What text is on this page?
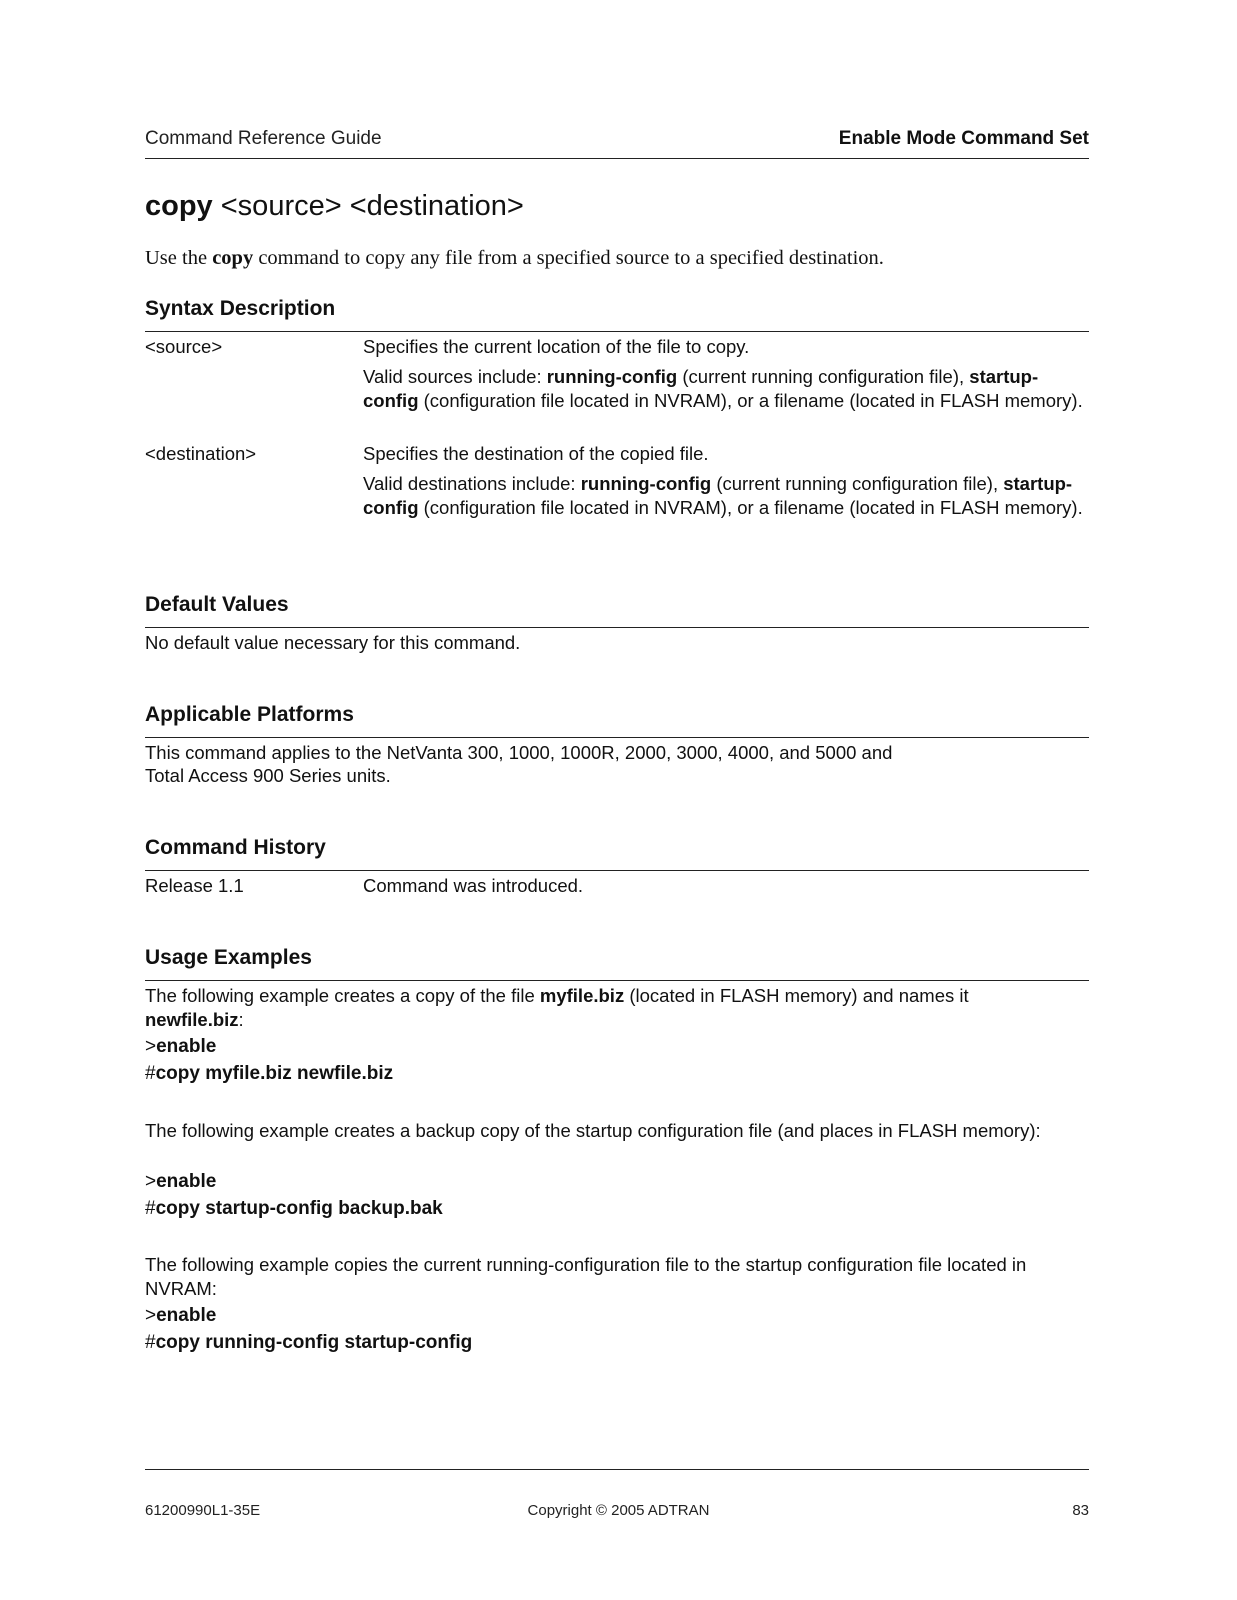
Command Reference Guide	Enable Mode Command Set
copy <source> <destination>
Use the copy command to copy any file from a specified source to a specified destination.
Syntax Description
<source>	Specifies the current location of the file to copy.
Valid sources include: running-config (current running configuration file), startup-config (configuration file located in NVRAM), or a filename (located in FLASH memory).
<destination>	Specifies the destination of the copied file.
Valid destinations include: running-config (current running configuration file), startup-config (configuration file located in NVRAM), or a filename (located in FLASH memory).
Default Values
No default value necessary for this command.
Applicable Platforms
This command applies to the NetVanta 300, 1000, 1000R, 2000, 3000, 4000, and 5000 and
Total Access 900 Series units.
Command History
Release 1.1	Command was introduced.
Usage Examples
The following example creates a copy of the file myfile.biz (located in FLASH memory) and names it newfile.biz:
>enable
#copy myfile.biz newfile.biz
The following example creates a backup copy of the startup configuration file (and places in FLASH memory):
>enable
#copy startup-config backup.bak
The following example copies the current running-configuration file to the startup configuration file located in NVRAM:
>enable
#copy running-config startup-config
61200990L1-35E	Copyright © 2005 ADTRAN	83
